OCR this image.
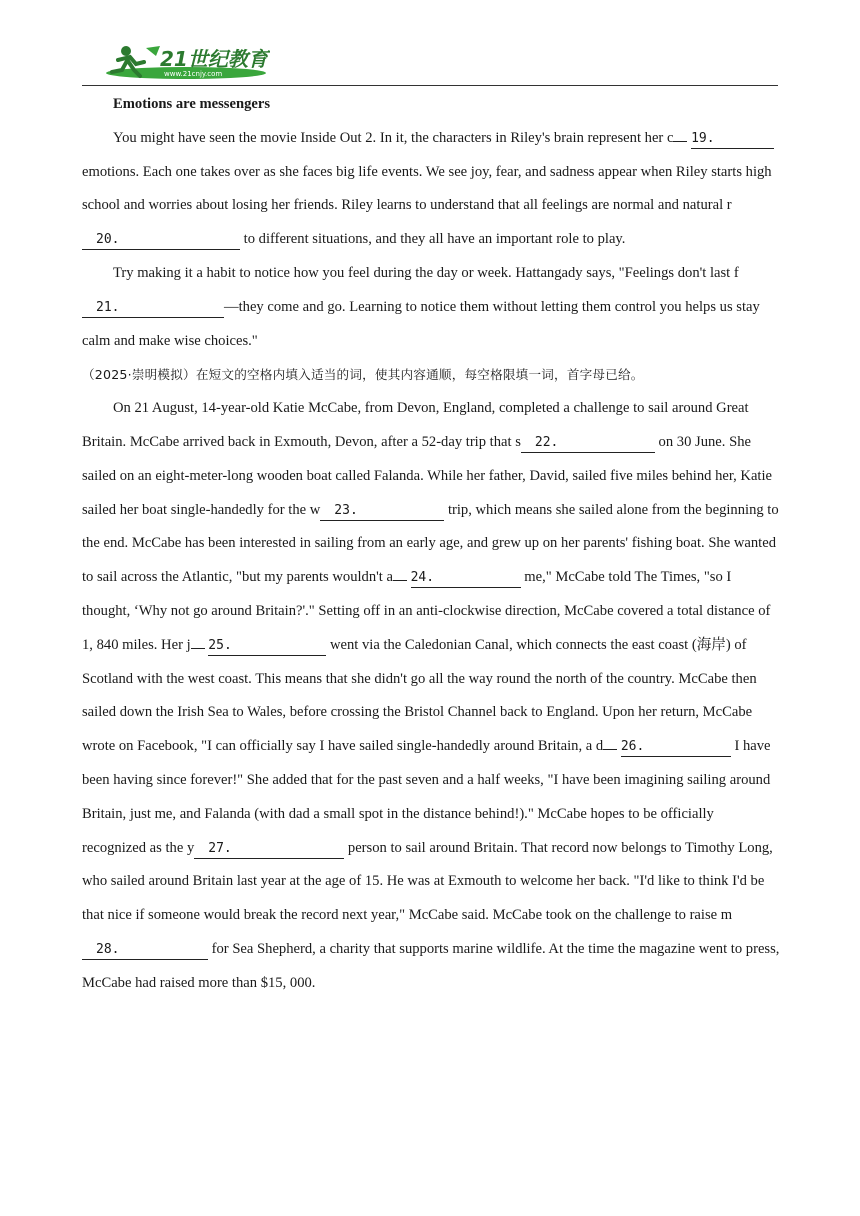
21世纪教育
www.21cnjy.com

Emotions are messengers

You might have seen the movie Inside Out 2. In it, the characters in Riley's brain represent her c 19. emotions. Each one takes over as she faces big life events. We see joy, fear, and sadness appear when Riley starts high school and worries about losing her friends. Riley learns to understand that all feelings are normal and natural r20.	to different situations, and they all have an important role to play.

Try making it a habit to notice how you feel during the day or week. Hattangady says, "Feelings don't last f21.	—they come and go. Learning to notice them without letting them control you helps us stay calm and make wise choices."

（2025·崇明模拟）在短文的空格内填入适当的词，使其内容通顺，每空格限填一词，首字母已给。

On 21 August, 14-year-old Katie McCabe, from Devon, England, completed a challenge to sail around Great Britain. McCabe arrived back in Exmouth, Devon, after a 52-day trip that s 22.	on 30 June. She sailed on an eight-meter-long wooden boat called Falanda. While her father, David, sailed five miles behind her, Katie sailed her boat single-handedly for the w 23.	trip, which means she sailed alone from the beginning to the end. McCabe has been interested in sailing from an early age, and grew up on her parents' fishing boat. She wanted to sail across the Atlantic, "but my parents wouldn't a 24.	me," McCabe told The Times, "so I thought, ‘Why not go around Britain?'." Setting off in an anti-clockwise direction, McCabe covered a total distance of 1, 840 miles. Her j 25.	went via the Caledonian Canal, which connects the east coast (海岸) of Scotland with the west coast. This means that she didn't go all the way round the north of the country. McCabe then sailed down the Irish Sea to Wales, before crossing the Bristol Channel back to England. Upon her return, McCabe wrote on Facebook, "I can officially say I have sailed single-handedly around Britain, a d 26.	I have been having since forever!" She added that for the past seven and a half weeks, "I have been imagining sailing around Britain, just me, and Falanda (with dad a small spot in the distance behind!)." McCabe hopes to be officially recognized as the y 27.	person to sail around Britain. That record now belongs to Timothy Long, who sailed around Britain last year at the age of 15. He was at Exmouth to welcome her back. "I'd like to think I'd be that nice if someone would break the record next year," McCabe said. McCabe took on the challenge to raise m28.	for Sea Shepherd, a charity that supports marine wildlife. At the time the magazine went to press, McCabe had raised more than $15, 000.
